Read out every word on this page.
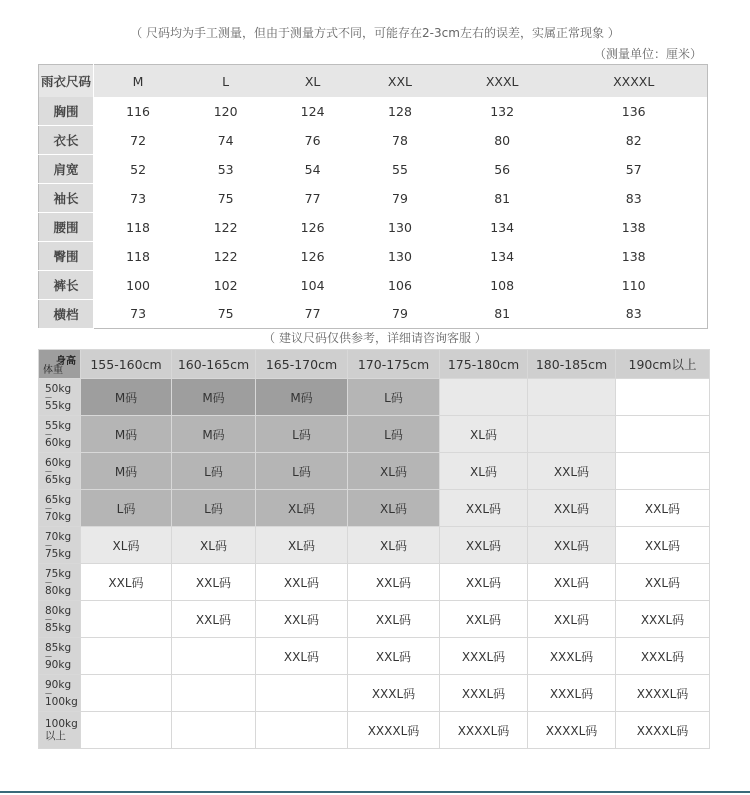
（ 尺码均为手工测量，但由于测量方式不同，可能存在2-3cm左右的误差，实属正常现象 ）
（测量单位：厘米）
雨衣尺码	M	L	XL	XXL	XXXL	XXXXL
胸围	116	120	124	128	132	136
衣长	72	74	76	78	80	82
肩宽	52	53	54	55	56	57
袖长	73	75	77	79	81	83
腰围	118	122	126	130	134	138
臀围	118	122	126	130	134	138
裤长	100	102	104	106	108	110
横档	73	75	77	79	81	83
（ 建议尺码仅供参考，详细请咨询客服 ）
身高
体重	155-160cm	160-165cm	165-170cm	170-175cm	175-180cm	180-185cm	190cm以上

50kg
—
55kg	M码	M码	M码	L码			

55kg
—
60kg	M码	M码	L码	L码	XL码		

60kg
—
65kg	M码	L码	L码	XL码	XL码	XXL码	

65kg
—
70kg	L码	L码	XL码	XL码	XXL码	XXL码	XXL码

70kg
—
75kg	XL码	XL码	XL码	XL码	XXL码	XXL码	XXL码

75kg
—
80kg	XXL码	XXL码	XXL码	XXL码	XXL码	XXL码	XXL码

80kg
—
85kg		XXL码	XXL码	XXL码	XXL码	XXL码	XXXL码

85kg
—
90kg			XXL码	XXL码	XXXL码	XXXL码	XXXL码

90kg
—
100kg				XXXL码	XXXL码	XXXL码	XXXXL码

100kg
以上				XXXXL码	XXXXL码	XXXXL码	XXXXL码
